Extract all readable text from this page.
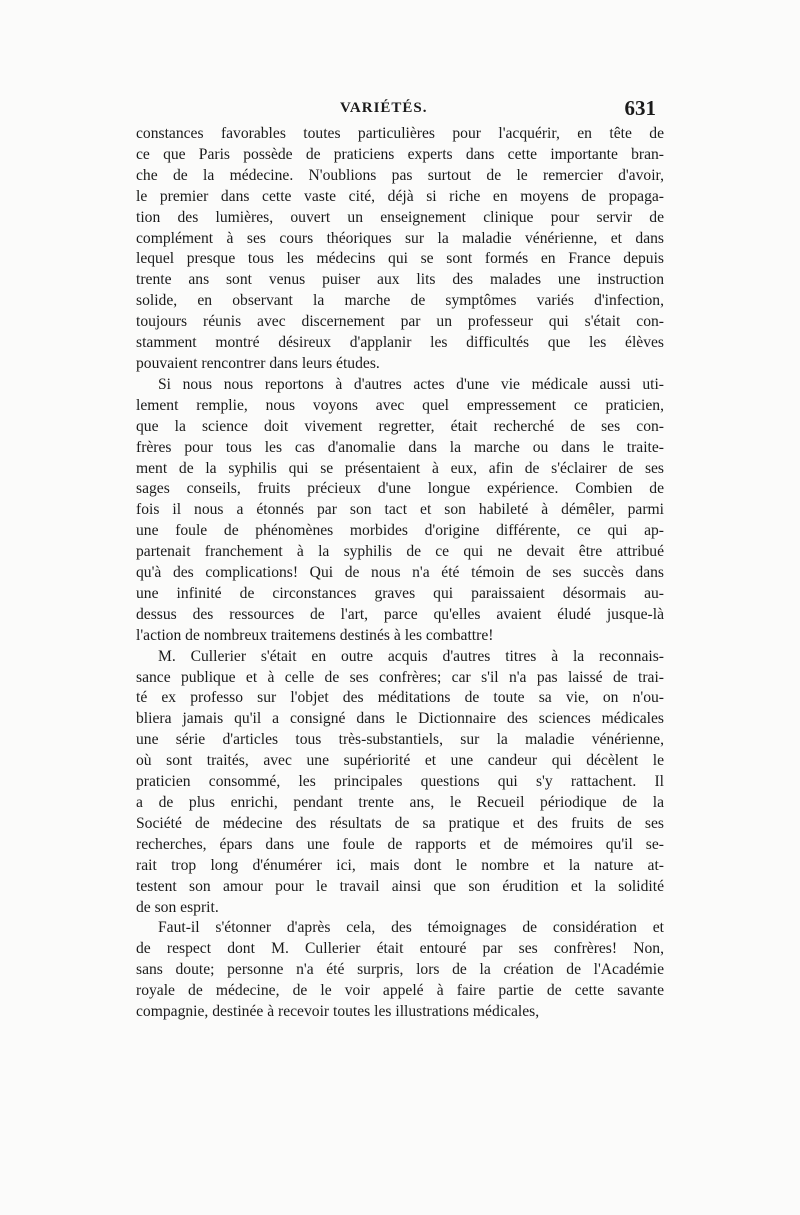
VARIÉTÉS.	631

constances favorables toutes particulières pour l'acquérir, en tête de
ce que Paris possède de praticiens experts dans cette importante bran-
che de la médecine. N'oublions pas surtout de le remercier d'avoir,
le premier dans cette vaste cité, déjà si riche en moyens de propaga-
tion des lumières, ouvert un enseignement clinique pour servir de
complément à ses cours théoriques sur la maladie vénérienne, et dans
lequel presque tous les médecins qui se sont formés en France depuis
trente ans sont venus puiser aux lits des malades une instruction
solide, en observant la marche de symptômes variés d'infection,
toujours réunis avec discernement par un professeur qui s'était con-
stamment montré désireux d'applanir les difficultés que les élèves
pouvaient rencontrer dans leurs études.

Si nous nous reportons à d'autres actes d'une vie médicale aussi uti-
lement remplie, nous voyons avec quel empressement ce praticien,
que la science doit vivement regretter, était recherché de ses con-
frères pour tous les cas d'anomalie dans la marche ou dans le traite-
ment de la syphilis qui se présentaient à eux, afin de s'éclairer de ses
sages conseils, fruits précieux d'une longue expérience. Combien de
fois il nous a étonnés par son tact et son habileté à démêler, parmi
une foule de phénomènes morbides d'origine différente, ce qui ap-
partenait franchement à la syphilis de ce qui ne devait être attribué
qu'à des complications! Qui de nous n'a été témoin de ses succès dans
une infinité de circonstances graves qui paraissaient désormais au-
dessus des ressources de l'art, parce qu'elles avaient éludé jusque-là
l'action de nombreux traitemens destinés à les combattre!

M. Cullerier s'était en outre acquis d'autres titres à la reconnais-
sance publique et à celle de ses confrères; car s'il n'a pas laissé de trai-
té ex professo sur l'objet des méditations de toute sa vie, on n'ou-
bliera jamais qu'il a consigné dans le Dictionnaire des sciences médicales
une série d'articles tous très-substantiels, sur la maladie vénérienne,
où sont traités, avec une supériorité et une candeur qui décèlent le
praticien consommé, les principales questions qui s'y rattachent. Il
a de plus enrichi, pendant trente ans, le Recueil périodique de la
Société de médecine des résultats de sa pratique et des fruits de ses
recherches, épars dans une foule de rapports et de mémoires qu'il se-
rait trop long d'énumérer ici, mais dont le nombre et la nature at-
testent son amour pour le travail ainsi que son érudition et la solidité
de son esprit.

Faut-il s'étonner d'après cela, des témoignages de considération et
de respect dont M. Cullerier était entouré par ses confrères! Non,
sans doute; personne n'a été surpris, lors de la création de l'Académie
royale de médecine, de le voir appelé à faire partie de cette savante
compagnie, destinée à recevoir toutes les illustrations médicales,
